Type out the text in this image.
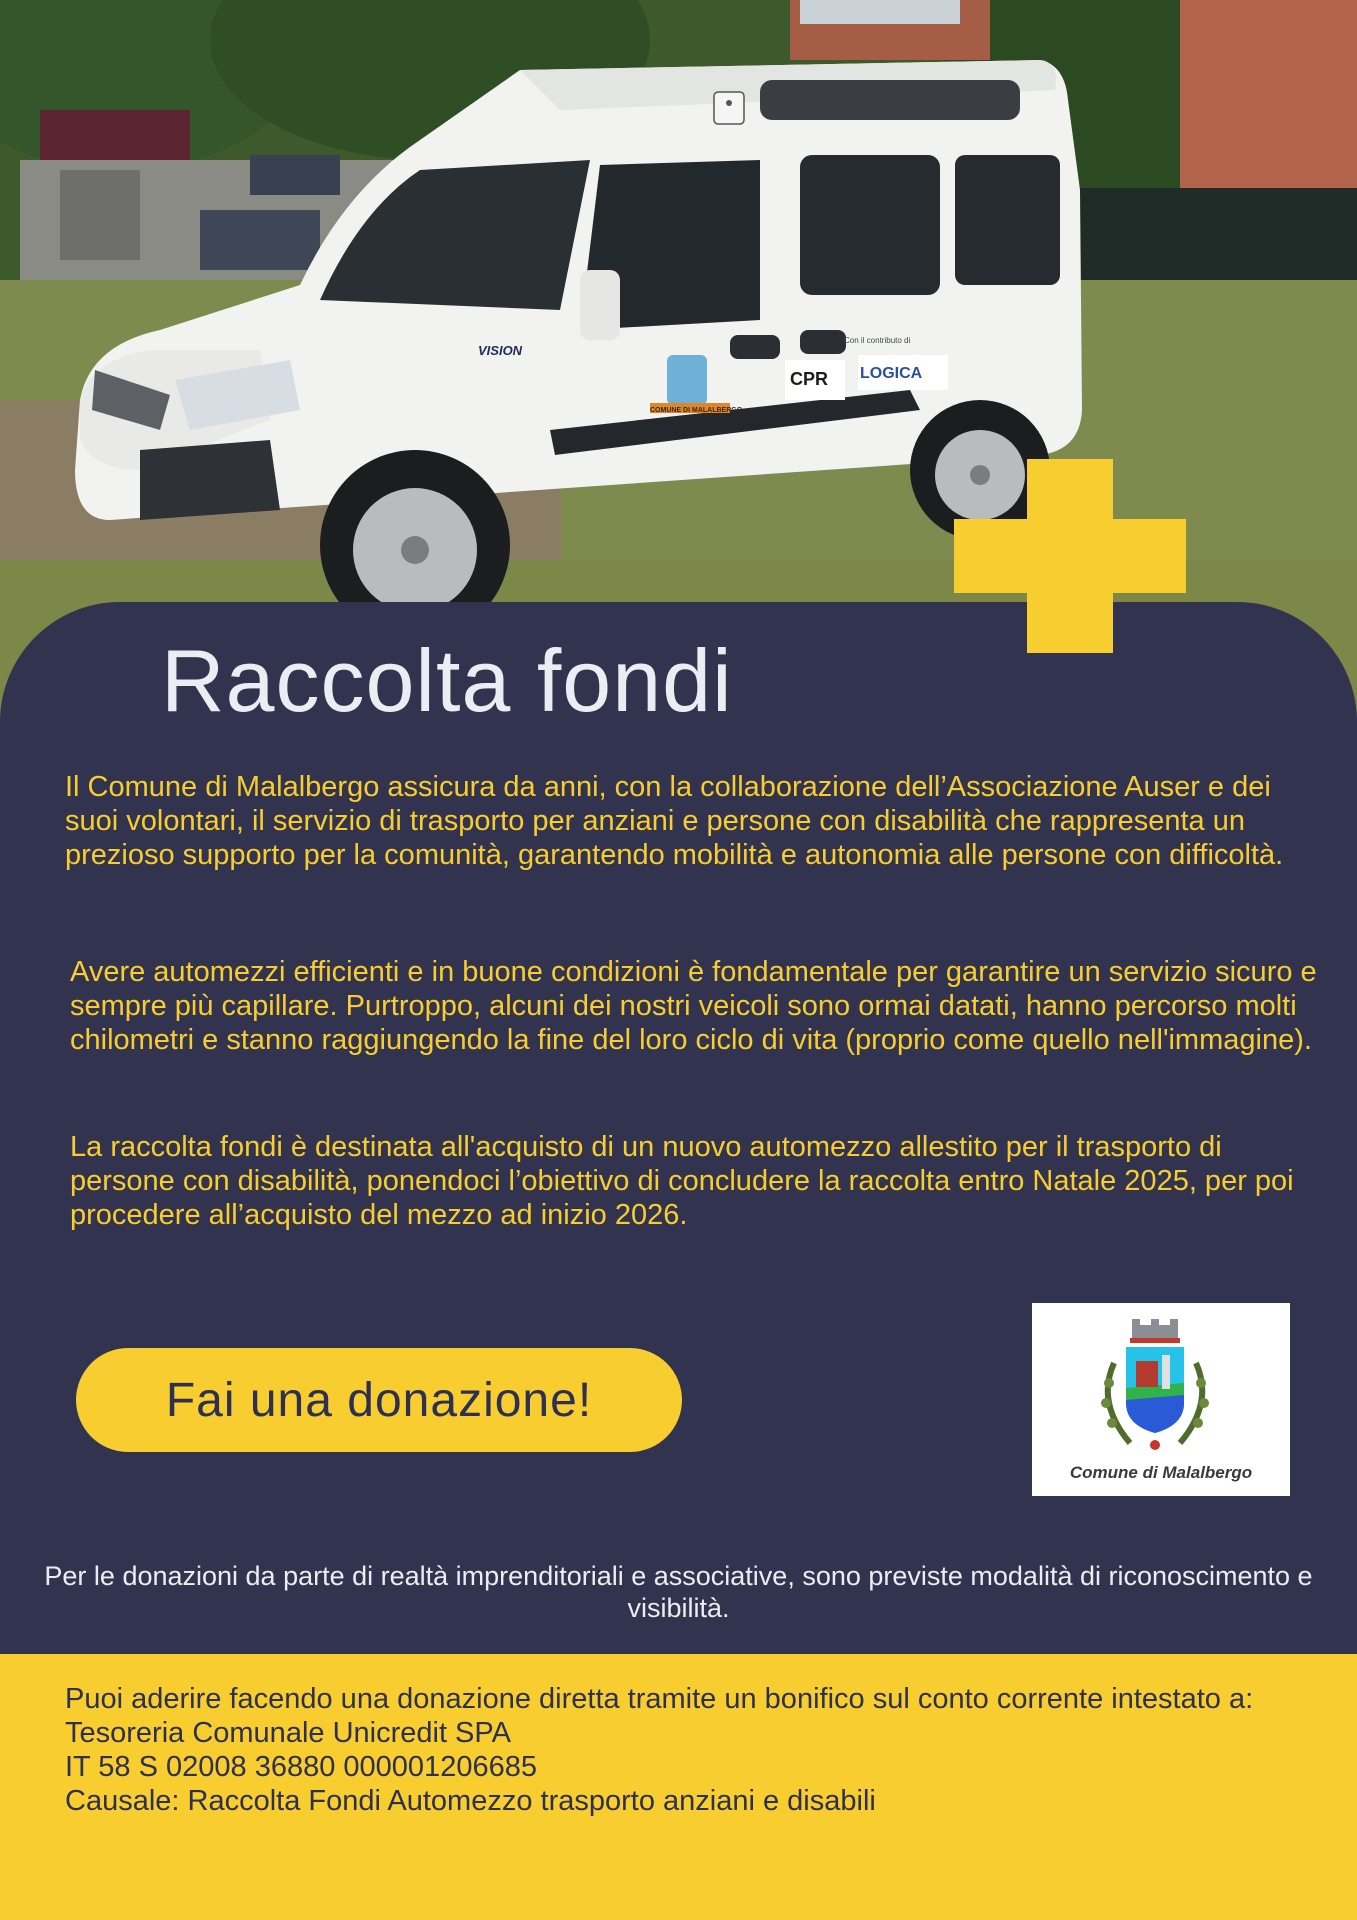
VISION
COMUNE DI MALALBERGO
Con il contributo di
CPR LOGICA
Raccolta fondi
Il Comune di Malalbergo assicura da anni, con la collaborazione dell’Associazione Auser e dei suoi volontari, il servizio di trasporto per anziani e persone con disabilità che rappresenta un prezioso supporto per la comunità, garantendo mobilità e autonomia alle persone con difficoltà.
Avere automezzi efficienti e in buone condizioni è fondamentale per garantire un servizio sicuro e sempre più capillare. Purtroppo, alcuni dei nostri veicoli sono ormai datati, hanno percorso molti chilometri e stanno raggiungendo la fine del loro ciclo di vita (proprio come quello nell'immagine).
La raccolta fondi è destinata all'acquisto di un nuovo automezzo allestito per il trasporto di persone con disabilità, ponendoci l’obiettivo di concludere la raccolta entro Natale 2025, per poi procedere all’acquisto del mezzo ad inizio 2026.
Fai una donazione!
Comune di Malalbergo
Per le donazioni da parte di realtà imprenditoriali e associative, sono previste modalità di riconoscimento e visibilità.
Puoi aderire facendo una donazione diretta tramite un bonifico sul conto corrente intestato a:
Tesoreria Comunale Unicredit SPA
IT 58 S 02008 36880 000001206685
Causale: Raccolta Fondi Automezzo trasporto anziani e disabili
